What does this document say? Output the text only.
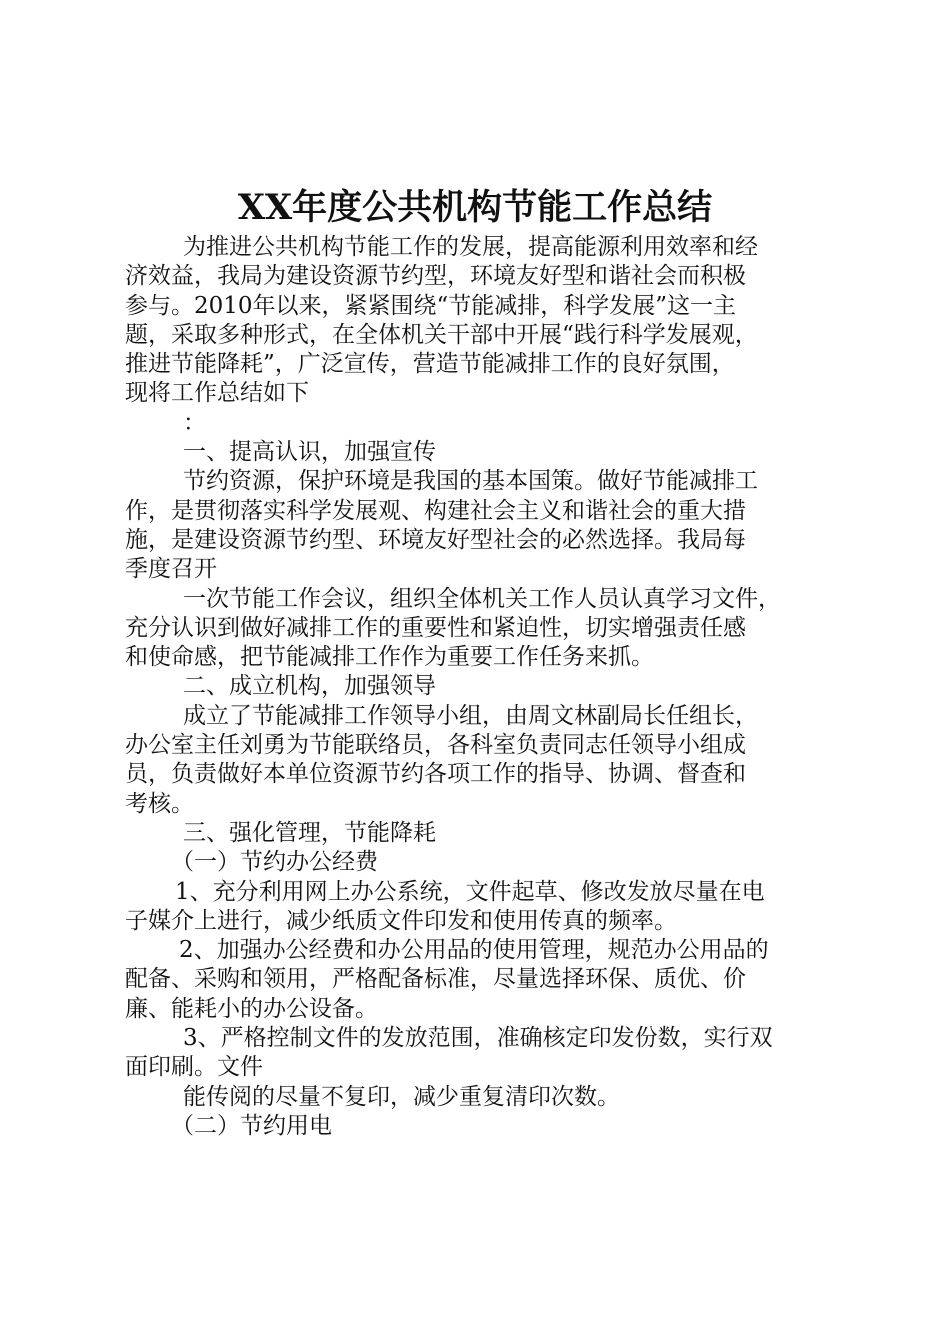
XX年度公共机构节能工作总结
为推进公共机构节能工作的发展，提高能源利用效率和经
济效益，我局为建设资源节约型，环境友好型和谐社会而积极
参与。2010年以来，紧紧围绕“节能减排，科学发展”这一主
题，采取多种形式，在全体机关干部中开展“践行科学发展观，
推进节能降耗”，广泛宣传，营造节能减排工作的良好氛围，
现将工作总结如下
：
一、提高认识，加强宣传
节约资源，保护环境是我国的基本国策。做好节能减排工
作，是贯彻落实科学发展观、构建社会主义和谐社会的重大措
施，是建设资源节约型、环境友好型社会的必然选择。我局每
季度召开
一次节能工作会议，组织全体机关工作人员认真学习文件，
充分认识到做好减排工作的重要性和紧迫性，切实增强责任感
和使命感，把节能减排工作作为重要工作任务来抓。
二、成立机构，加强领导
成立了节能减排工作领导小组，由周文林副局长任组长，
办公室主任刘勇为节能联络员，各科室负责同志任领导小组成
员，负责做好本单位资源节约各项工作的指导、协调、督查和
考核。
三、强化管理，节能降耗
（一）节约办公经费
1、充分利用网上办公系统，文件起草、修改发放尽量在电
子媒介上进行，减少纸质文件印发和使用传真的频率。
2、加强办公经费和办公用品的使用管理，规范办公用品的
配备、采购和领用，严格配备标准，尽量选择环保、质优、价
廉、能耗小的办公设备。
3、严格控制文件的发放范围，准确核定印发份数，实行双
面印刷。文件
能传阅的尽量不复印，减少重复清印次数。
（二）节约用电
